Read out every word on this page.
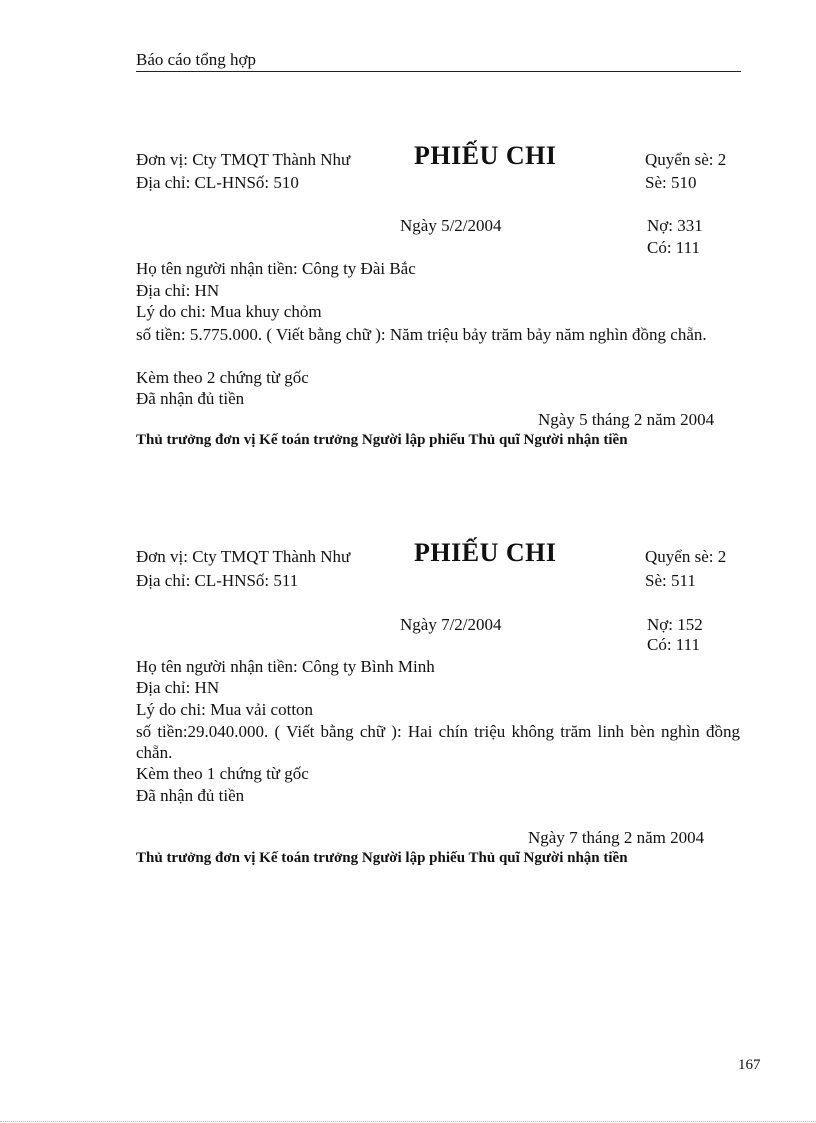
Báo cáo tổng hợp
Đơn vị: Cty TMQT Thành Như PHIẾU CHI	Quyển sè: 2
Địa chỉ: CL-HNSố: 510	Sè: 510
Ngày 5/2/2004	Nợ: 331
Có: 111
Họ tên người nhận tiền: Công ty Đài Bắc
Địa chỉ: HN
Lý do chi: Mua khuy chỏm
số tiền: 5.775.000. ( Viết bằng chữ ): Năm triệu bảy trăm bảy năm nghìn đồng chẵn.
Kèm theo 2 chứng từ gốc
Đã nhận đủ tiền
Ngày 5 tháng 2 năm 2004
Thủ trưởng đơn vị Kế toán trưởng Người lập phiếu Thủ quĩ Người nhận tiền
Đơn vị: Cty TMQT Thành Như PHIẾU CHI	Quyển sè: 2
Địa chỉ: CL-HNSố: 511	Sè: 511
Ngày 7/2/2004	Nợ: 152
Có: 111
Họ tên người nhận tiền: Công ty Bình Minh
Địa chỉ: HN
Lý do chi: Mua vải cotton
số tiền:29.040.000. ( Viết bằng chữ ): Hai chín triệu không trăm linh bèn nghìn đồng chẵn.
Kèm theo 1 chứng từ gốc
Đã nhận đủ tiền
Ngày 7 tháng 2 năm 2004
Thủ trưởng đơn vị Kế toán trưởng Người lập phiếu Thủ quĩ Người nhận tiền
167
